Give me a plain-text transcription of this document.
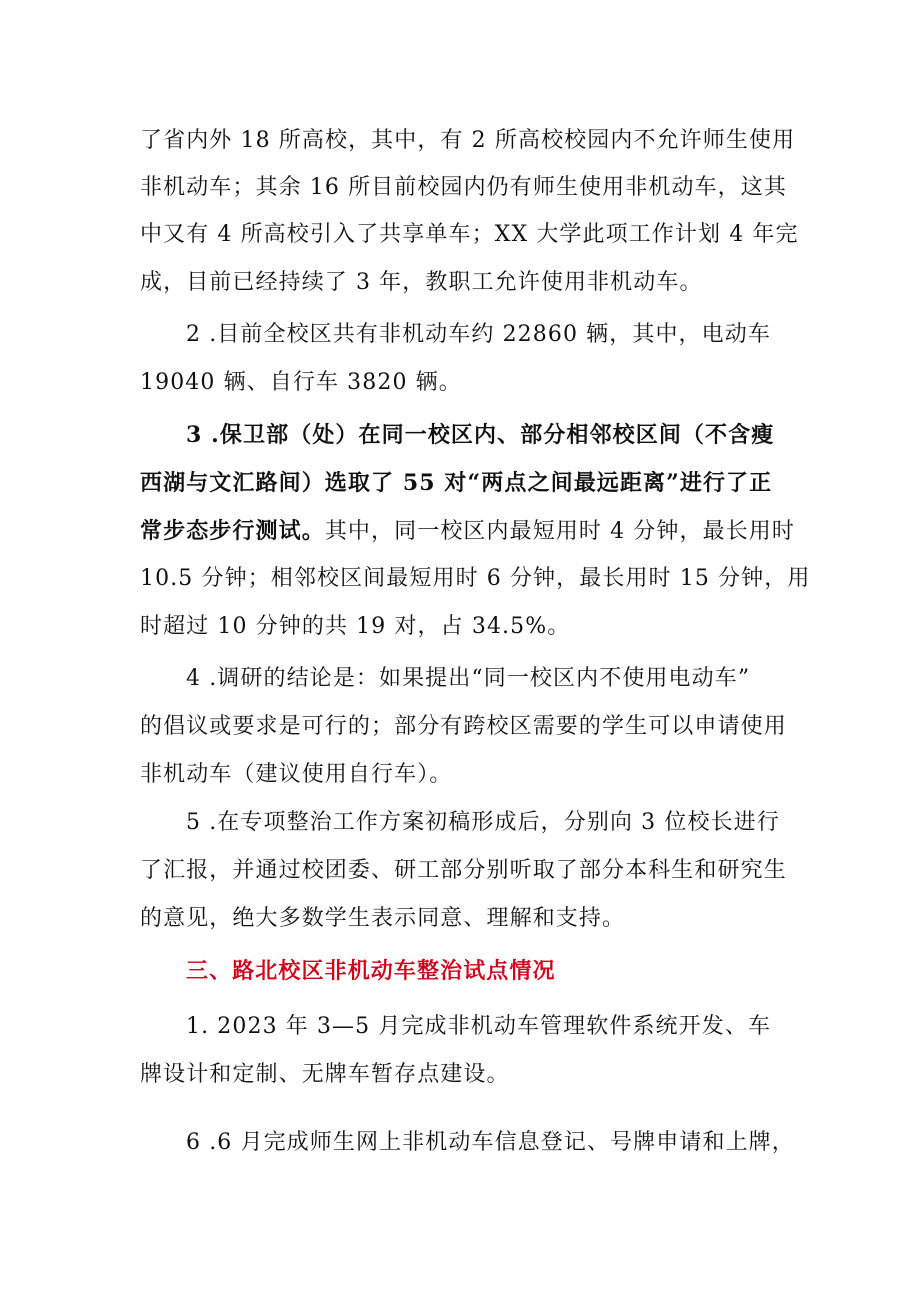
了省内外 18 所高校，其中，有 2 所高校校园内不允许师生使用
非机动车；其余 16 所目前校园内仍有师生使用非机动车，这其
中又有 4 所高校引入了共享单车；XX 大学此项工作计划 4 年完
成，目前已经持续了 3 年，教职工允许使用非机动车。
2 .目前全校区共有非机动车约 22860 辆，其中，电动车
19040 辆、自行车 3820 辆。
3 .保卫部（处）在同一校区内、部分相邻校区间（不含瘦
西湖与文汇路间）选取了 55 对“两点之间最远距离”进行了正
常步态步行测试。其中，同一校区内最短用时 4 分钟，最长用时
10.5 分钟；相邻校区间最短用时 6 分钟，最长用时 15 分钟，用
时超过 10 分钟的共 19 对，占 34.5%。
4 .调研的结论是：如果提出“同一校区内不使用电动车”
的倡议或要求是可行的；部分有跨校区需要的学生可以申请使用
非机动车（建议使用自行车）。
5 .在专项整治工作方案初稿形成后，分别向 3 位校长进行
了汇报，并通过校团委、研工部分别听取了部分本科生和研究生
的意见，绝大多数学生表示同意、理解和支持。
三、路北校区非机动车整治试点情况
1. 2023 年 3—5 月完成非机动车管理软件系统开发、车
牌设计和定制、无牌车暂存点建设。
6 .6 月完成师生网上非机动车信息登记、号牌申请和上牌，
